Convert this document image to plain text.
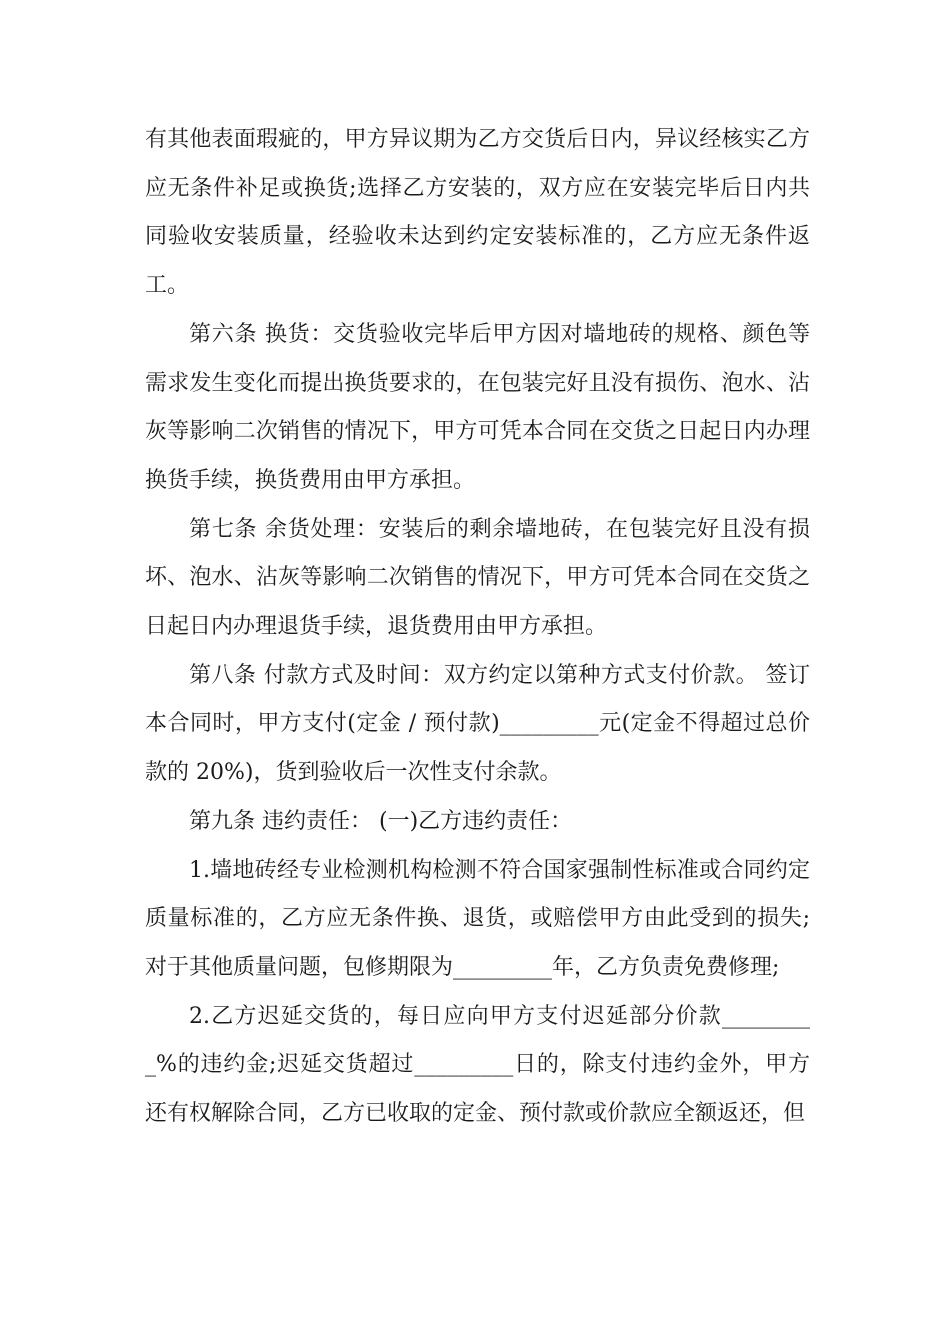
有其他表面瑕疵的，甲方异议期为乙方交货后日内，异议经核实乙方应无条件补足或换货;选择乙方安装的，双方应在安装完毕后日内共同验收安装质量，经验收未达到约定安装标准的，乙方应无条件返工。

第六条 换货：交货验收完毕后甲方因对墙地砖的规格、颜色等需求发生变化而提出换货要求的，在包装完好且没有损伤、泡水、沾灰等影响二次销售的情况下，甲方可凭本合同在交货之日起日内办理换货手续，换货费用由甲方承担。

第七条 余货处理：安装后的剩余墙地砖，在包装完好且没有损坏、泡水、沾灰等影响二次销售的情况下，甲方可凭本合同在交货之日起日内办理退货手续，退货费用由甲方承担。

第八条 付款方式及时间：双方约定以第种方式支付价款。 签订本合同时，甲方支付(定金 / 预付款)_________元(定金不得超过总价款的 20%)，货到验收后一次性支付余款。

第九条 违约责任： (一)乙方违约责任：

1.墙地砖经专业检测机构检测不符合国家强制性标准或合同约定质量标准的，乙方应无条件换、退货，或赔偿甲方由此受到的损失;对于其他质量问题，包修期限为_________年，乙方负责免费修理;

2.乙方迟延交货的，每日应向甲方支付迟延部分价款_________%的违约金;迟延交货超过_________日的，除支付违约金外，甲方还有权解除合同，乙方已收取的定金、预付款或价款应全额返还，但
